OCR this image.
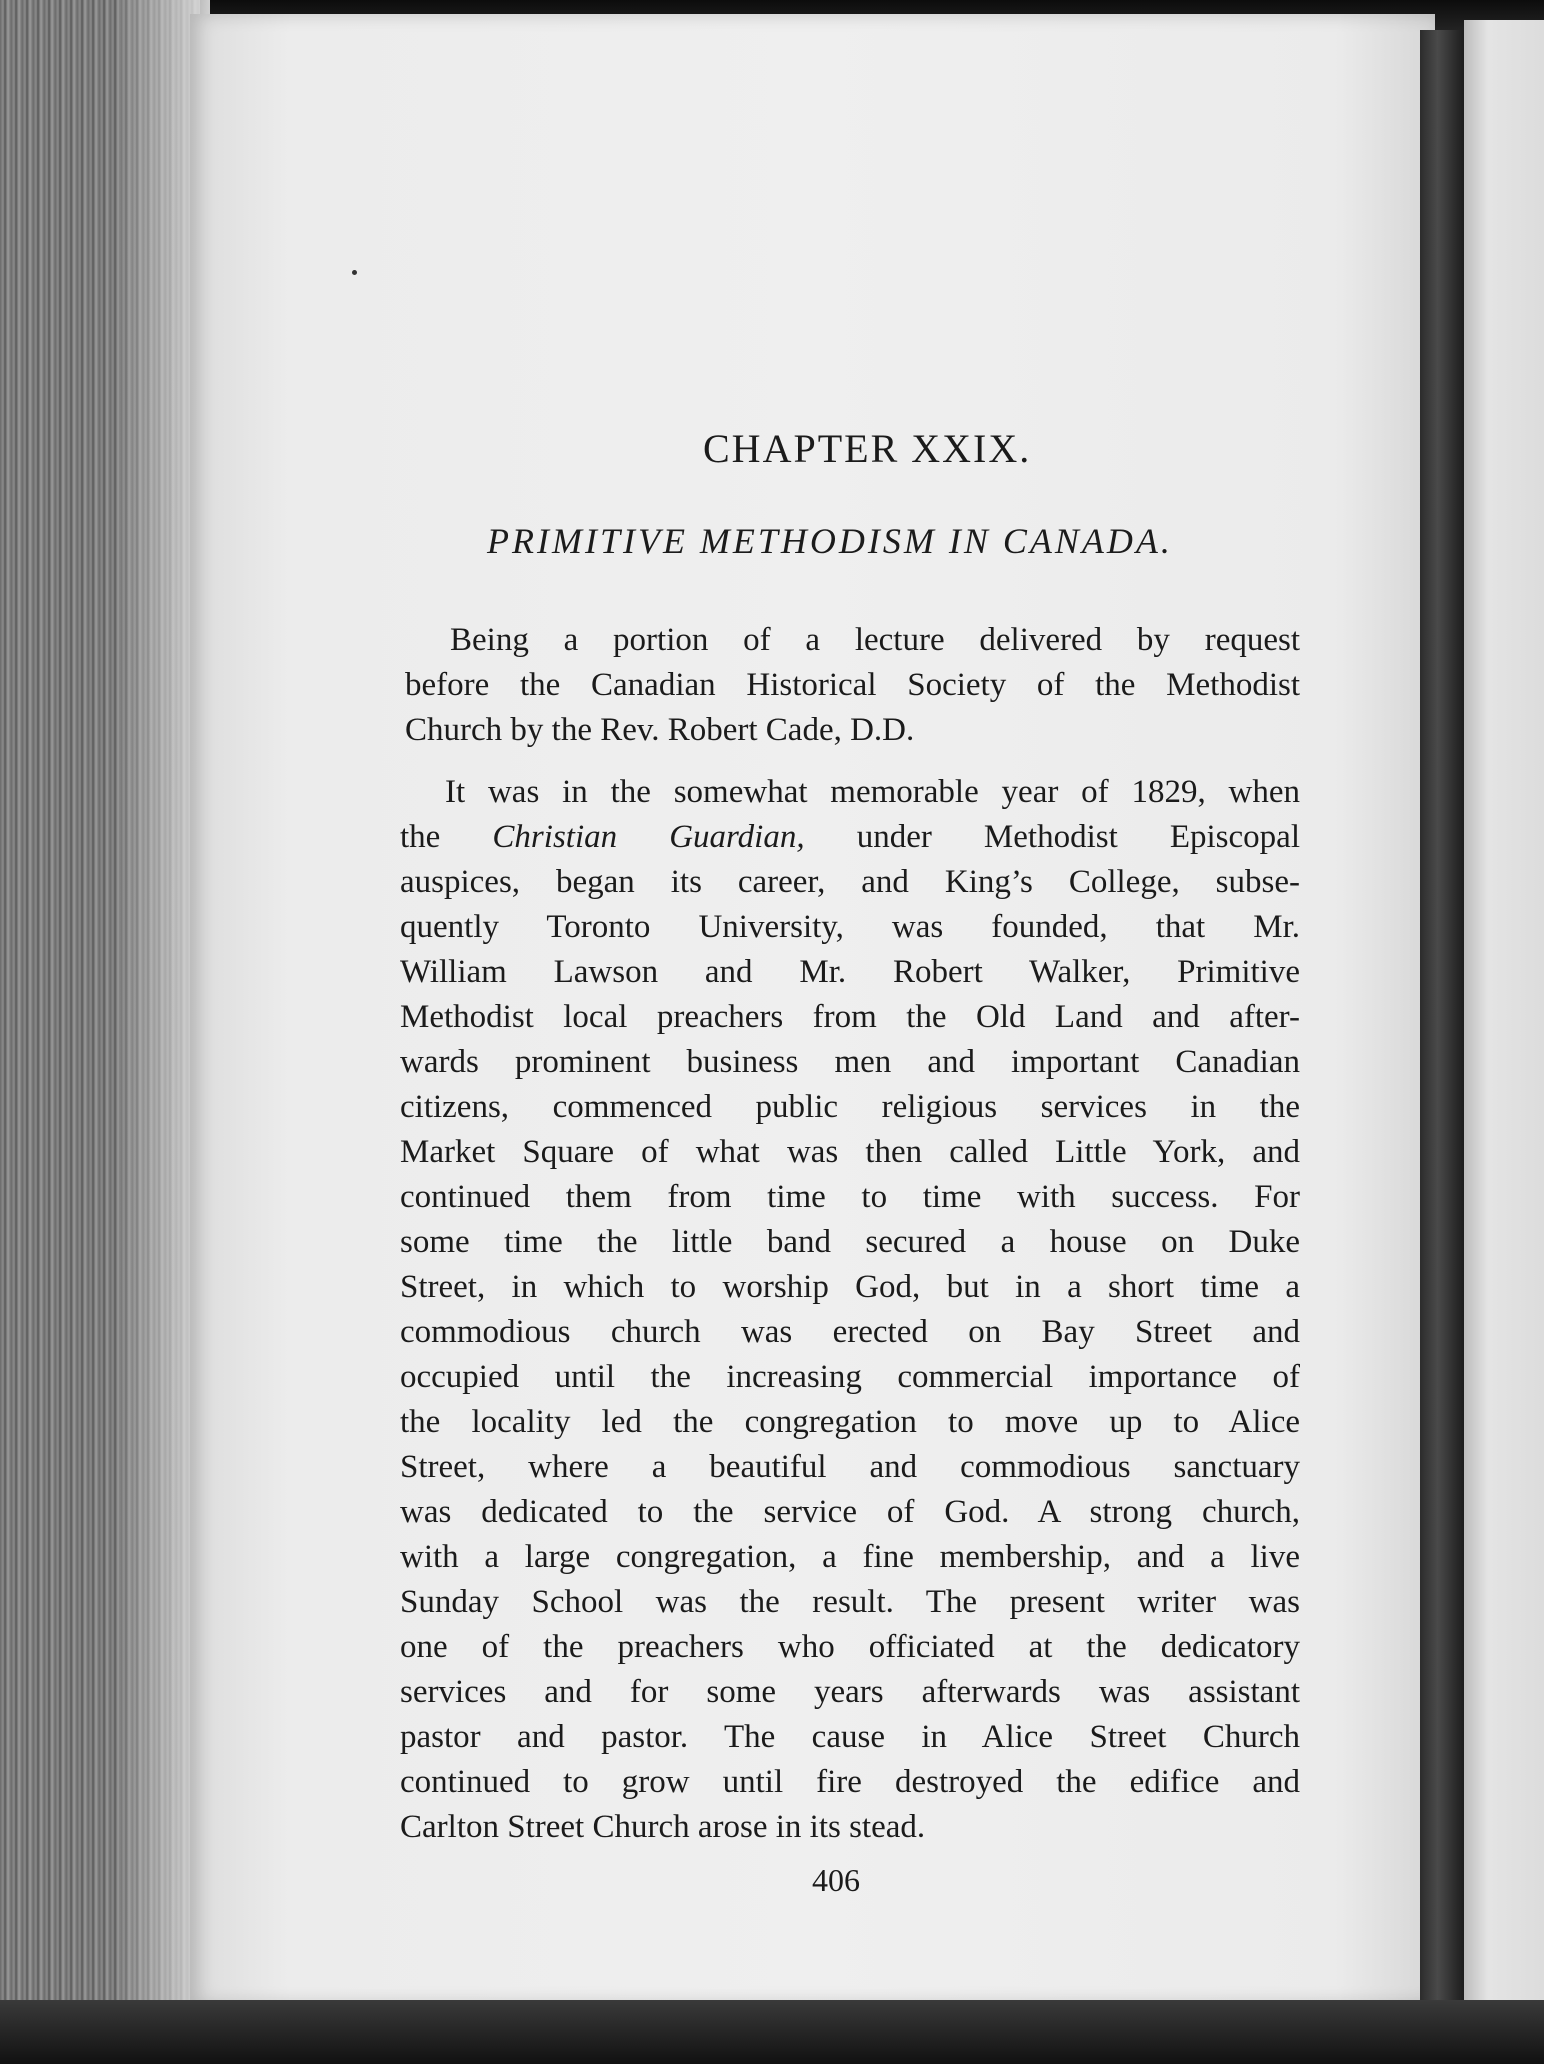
CHAPTER XXIX.
PRIMITIVE METHODISM IN CANADA.
Being a portion of a lecture delivered by request
before the Canadian Historical Society of the Methodist
Church by the Rev. Robert Cade, D.D.
It was in the somewhat memorable year of 1829, when
the Christian Guardian, under Methodist Episcopal
auspices, began its career, and King’s College, subse-
quently Toronto University, was founded, that Mr.
William Lawson and Mr. Robert Walker, Primitive
Methodist local preachers from the Old Land and after-
wards prominent business men and important Canadian
citizens, commenced public religious services in the
Market Square of what was then called Little York, and
continued them from time to time with success. For
some time the little band secured a house on Duke
Street, in which to worship God, but in a short time a
commodious church was erected on Bay Street and
occupied until the increasing commercial importance of
the locality led the congregation to move up to Alice
Street, where a beautiful and commodious sanctuary
was dedicated to the service of God. A strong church,
with a large congregation, a fine membership, and a live
Sunday School was the result. The present writer was
one of the preachers who officiated at the dedicatory
services and for some years afterwards was assistant
pastor and pastor. The cause in Alice Street Church
continued to grow until fire destroyed the edifice and
Carlton Street Church arose in its stead.
406
